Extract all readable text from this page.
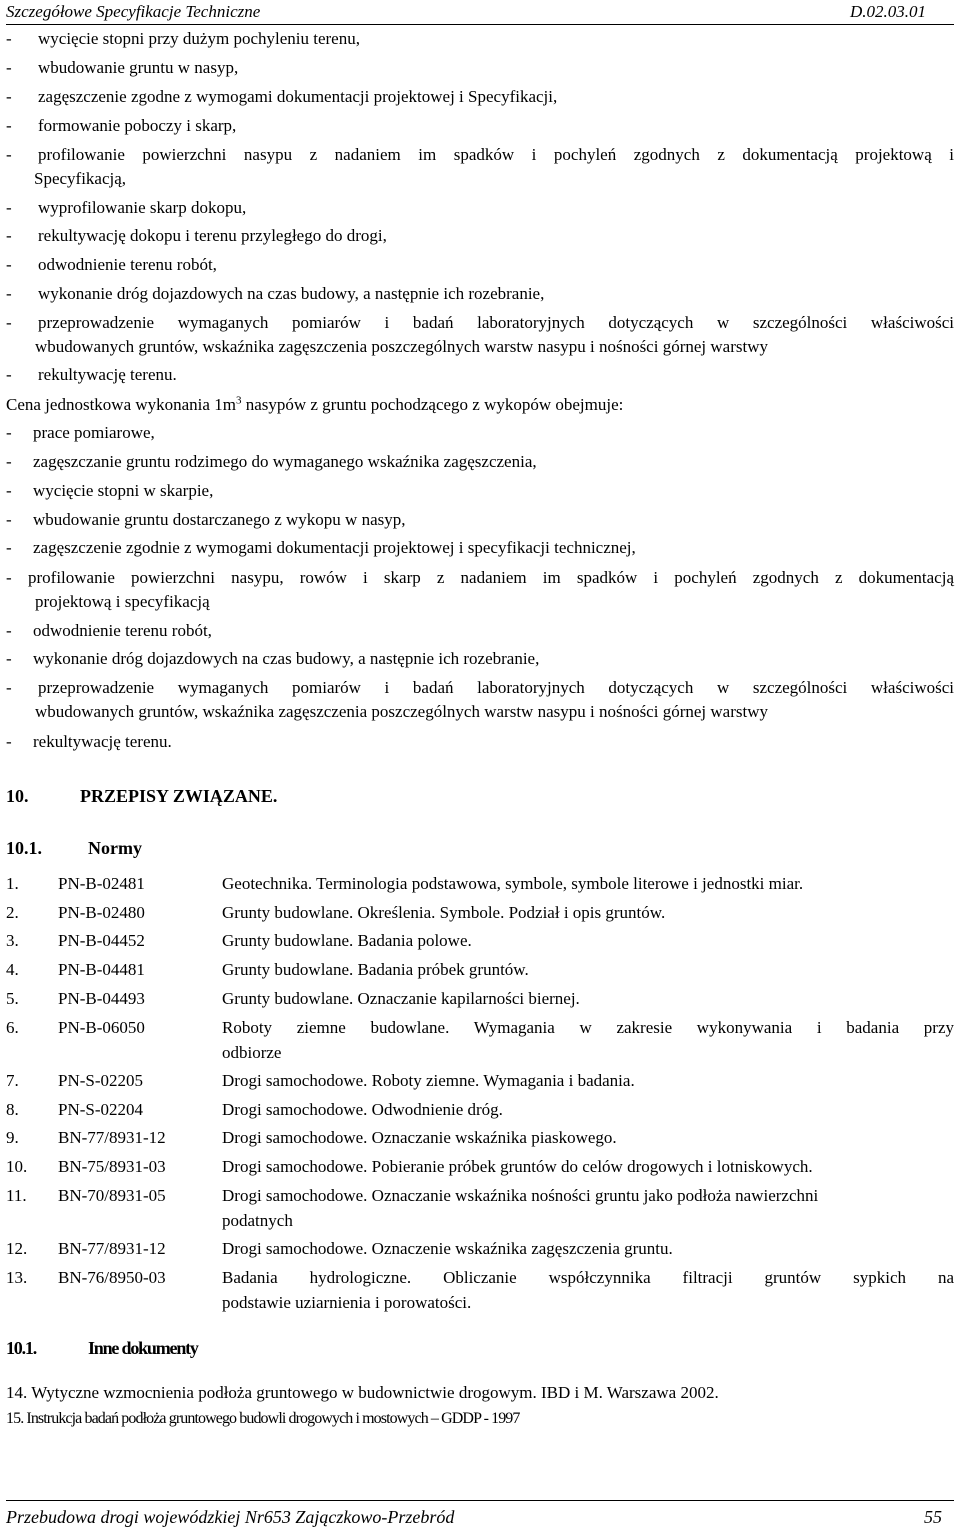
Szczegółowe Specyfikacje Techniczne	D.02.03.01
- wycięcie stopni przy dużym pochyleniu terenu,
- wbudowanie gruntu w nasyp,
- zagęszczenie zgodne z wymogami dokumentacji projektowej i Specyfikacji,
- formowanie poboczy i skarp,
- profilowanie powierzchni nasypu z nadaniem im spadków i pochyleń zgodnych z dokumentacją projektową i
Specyfikacją,
- wyprofilowanie skarp dokopu,
- rekultywację dokopu i terenu przyległego do drogi,
- odwodnienie terenu robót,
- wykonanie dróg dojazdowych na czas budowy, a następnie ich rozebranie,
- przeprowadzenie wymaganych pomiarów i badań laboratoryjnych dotyczących w szczególności właściwości
wbudowanych gruntów, wskaźnika zagęszczenia poszczególnych warstw nasypu i nośności górnej warstwy
- rekultywację terenu.
Cena jednostkowa wykonania $1m^3$ nasypów z gruntu pochodzącego z wykopów obejmuje:
- prace pomiarowe,
- zagęszczanie gruntu rodzimego do wymaganego wskaźnika zagęszczenia,
- wycięcie stopni w skarpie,
- wbudowanie gruntu dostarczanego z wykopu w nasyp,
- zagęszczenie zgodnie z wymogami dokumentacji projektowej i specyfikacji technicznej,
- profilowanie powierzchni nasypu, rowów i skarp z nadaniem im spadków i pochyleń zgodnych z dokumentacją
projektową i specyfikacją
- odwodnienie terenu robót,
- wykonanie dróg dojazdowych na czas budowy, a następnie ich rozebranie,
- przeprowadzenie wymaganych pomiarów i badań laboratoryjnych dotyczących w szczególności właściwości
wbudowanych gruntów, wskaźnika zagęszczenia poszczególnych warstw nasypu i nośności górnej warstwy
- rekultywację terenu.
10.	PRZEPISY ZWIĄZANE.
10.1.	Normy
1. PN-B-02481	Geotechnika. Terminologia podstawowa, symbole, symbole literowe i jednostki miar.
2. PN-B-02480	Grunty budowlane. Określenia. Symbole. Podział i opis gruntów.
3. PN-B-04452	Grunty budowlane. Badania polowe.
4. PN-B-04481	Grunty budowlane. Badania próbek gruntów.
5. PN-B-04493	Grunty budowlane. Oznaczanie kapilarności biernej.
6. PN-B-06050	Roboty ziemne budowlane. Wymagania w zakresie wykonywania i badania przy
odbiorze
7. PN-S-02205	Drogi samochodowe. Roboty ziemne. Wymagania i badania.
8. PN-S-02204	Drogi samochodowe. Odwodnienie dróg.
9. BN-77/8931-12	Drogi samochodowe. Oznaczanie wskaźnika piaskowego.
10. BN-75/8931-03	Drogi samochodowe. Pobieranie próbek gruntów do celów drogowych i lotniskowych.
11. BN-70/8931-05	Drogi samochodowe. Oznaczanie wskaźnika nośności gruntu jako podłoża nawierzchni
podatnych
12. BN-77/8931-12	Drogi samochodowe. Oznaczenie wskaźnika zagęszczenia gruntu.
13. BN-76/8950-03	Badania hydrologiczne. Obliczanie współczynnika filtracji gruntów sypkich na
podstawie uziarnienia i porowatości.
10.1.	Inne dokumenty
14. Wytyczne wzmocnienia podłoża gruntowego w budownictwie drogowym. IBD i M. Warszawa 2002.
15. Instrukcja badań podłoża gruntowego budowli drogowych i mostowych – GDDP - 1997
Przebudowa drogi wojewódzkiej Nr653 Zajączkowo-Przebród	55
